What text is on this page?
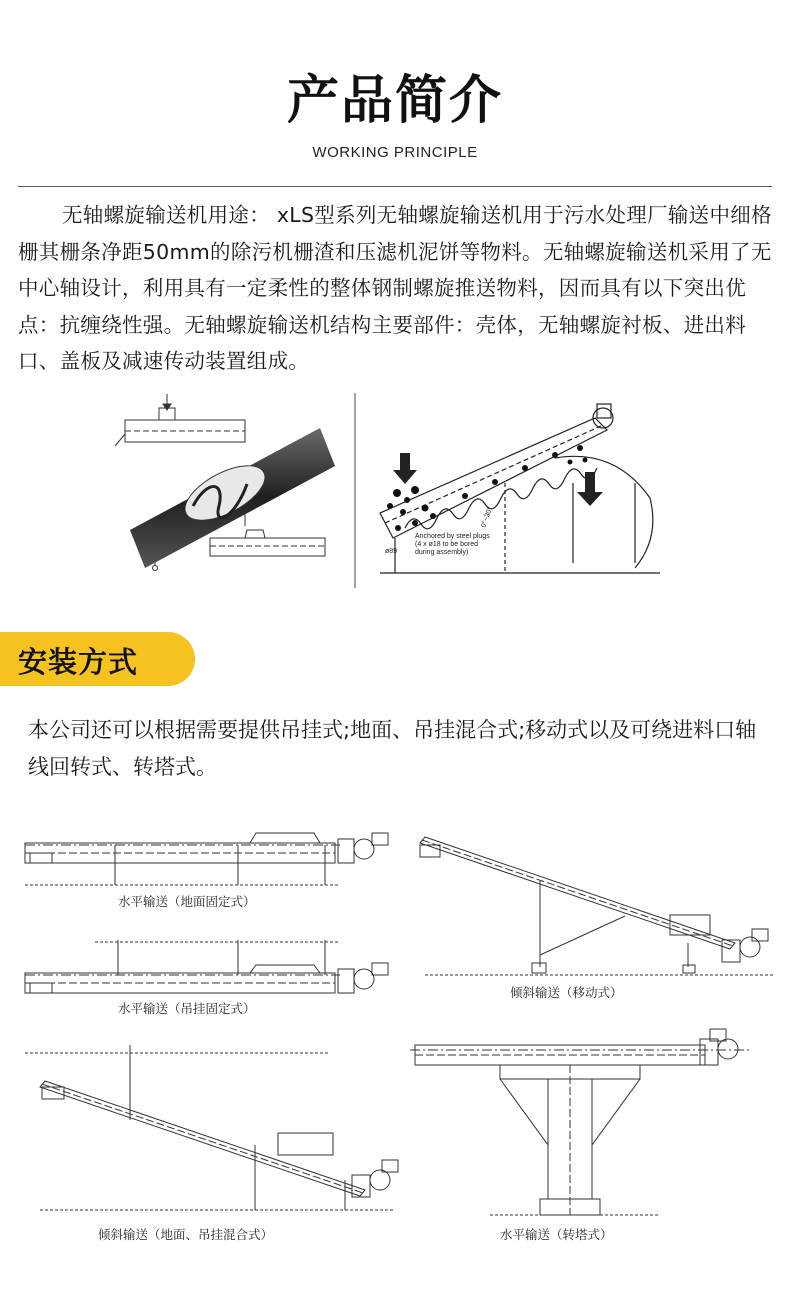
产品简介
WORKING PRINCIPLE
无轴螺旋输送机用途： xLS型系列无轴螺旋输送机用于污水处理厂输送中细格栅其栅条净距50mm的除污机栅渣和压滤机泥饼等物料。无轴螺旋输送机采用了无中心轴设计，利用具有一定柔性的整体钢制螺旋推送物料，因而具有以下突出优点：抗缠绕性强。无轴螺旋输送机结构主要部件：壳体，无轴螺旋衬板、进出料口、盖板及减速传动装置组成。
0°~30°
Anchored by steel plugs
(4 x ø18 to be bored
during assembly)
ø89
安装方式
本公司还可以根据需要提供吊挂式;地面、吊挂混合式;移动式以及可绕进料口轴线回转式、转塔式。
水平输送（地面固定式）
倾斜输送（移动式）
水平输送（吊挂固定式）
倾斜输送（地面、吊挂混合式）	水平输送（转塔式）
